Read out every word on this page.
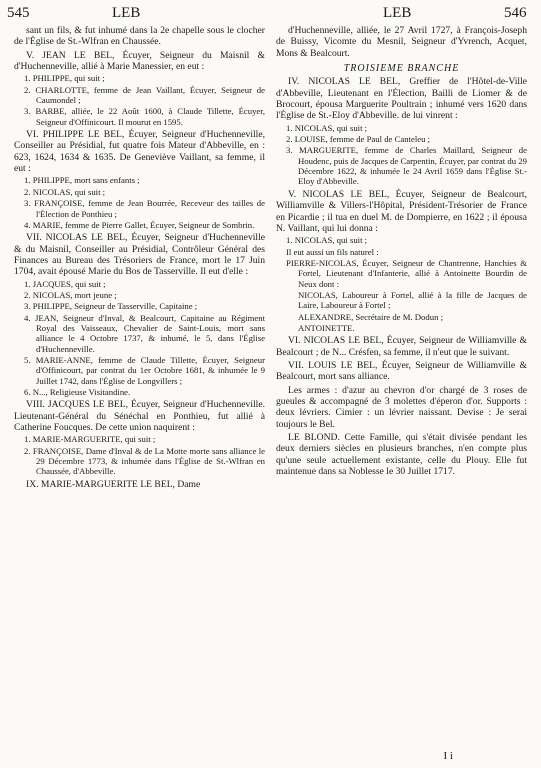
545	LEB	LEB	546
sant un fils, & fut inhumé dans la 2e chapelle sous le clocher de l'Église de St.-Wlfran en Chaussée.
V. JEAN LE BEL, Écuyer, Seigneur du Maisnil & d'Huchenneville, allié à Marie Manessier, en eut :
1. PHILIPPE, qui suit ;
2. CHARLOTTE, femme de Jean Vaillant, Écuyer, Seigneur de Caumondel ;
3. BARBE, alliée, le 22 Août 1600, à Claude Tillette, Écuyer, Seigneur d'Offinicourt. Il mourut en 1595.
VI. PHILIPPE LE BEL, Écuyer, Seigneur d'Huchenneville, Conseiller au Présidial, fut quatre fois Mateur d'Abbeville, en : 623, 1624, 1634 & 1635. De Geneviève Vaillant, sa femme, il eut :
1. PHILIPPE, mort sans enfants ;
2. NICOLAS, qui suit ;
3. FRANÇOISE, femme de Jean Bourrée, Receveur des tailles de l'Élection de Ponthieu ;
4. MARIE, femme de Pierre Gallet, Écuyer, Seigneur de Sombrin.
VII. NICOLAS LE BEL, Écuyer, Seigneur d'Huchenneville & du Maisnil, Conseiller au Présidial, Contrôleur Général des Finances au Bureau des Trésoriers de France, mort le 17 Juin 1704, avait épousé Marie du Bos de Tasserville. Il eut d'elle :
1. JACQUES, qui suit ;
2. NICOLAS, mort jeune ;
3. PHILIPPE, Seigneur de Tasserville, Capitaine ;
4. JEAN, Seigneur d'Inval, & Bealcourt, Capitaine au Régiment Royal des Vaisseaux, Chevalier de Saint-Louis, mort sans alliance le 4 Octobre 1737, & inhumé, le 5, dans l'Église d'Huchenneville.
5. MARIE-ANNE, femme de Claude Tillette, Écuyer, Seigneur d'Offinicourt, par contrat du 1er Octobre 1681, & inhumée le 9 Juillet 1742, dans l'Église de Longvillers ;
6. N..., Religieuse Visitandine.
VIII. JACQUES LE BEL, Écuyer, Seigneur d'Huchenneville. Lieutenant-Général du Sénéchal en Ponthieu, fut allié à Catherine Foucques. De cette union naquirent :
1. MARIE-MARGUERITE, qui suit ;
2. FRANÇOISE, Dame d'Inval & de La Motte morte sans alliance le 29 Décembre 1773, & inhumée dans l'Église de St.-Wlfran en Chaussée, d'Abbeville.
IX. MARIE-MARGUERITE LE BEL, Dame
d'Huchenneville, alliée, le 27 Avril 1727, à François-Joseph de Buissy, Vicomte du Mesnil, Seigneur d'Yvrench, Acquet, Mons & Bealcourt.
TROISIEME BRANCHE
IV. NICOLAS LE BEL, Greffier de l'Hôtel-de-Ville d'Abbeville, Lieutenant en l'Élection, Bailli de Liomer & de Brocourt, épousa Marguerite Poultrain ; inhumé vers 1620 dans l'Église de St.-Eloy d'Abbeville. de lui vinrent :
1. NICOLAS, qui suit ;
2. LOUISE, femme de Paul de Canteleu ;
3. MARGUERITE, femme de Charles Maillard, Seigneur de Houdenc, puis de Jacques de Carpentin, Écuyer, par contrat du 29 Décembre 1622, & inhumée le 24 Avril 1659 dans l'Église St.-Eloy d'Abbeville.
V. NICOLAS LE BEL, Écuyer, Seigneur de Bealcourt, Williamville & Villers-l'Hôpital, Président-Trésorier de France en Picardie ; il tua en duel M. de Dompierre, en 1622 ; il épousa N. Vaillant, qui lui donna :
1. NICOLAS, qui suit ;
Il eut aussi un fils naturel :
PIERRE-NICOLAS, Écuyer, Seigneur de Chantrenne, Hanchies & Fortel, Lieutenant d'Infanterie, allié à Antoinette Bourdin de Neux dont :
NICOLAS, Laboureur à Fortel, allié à la fille de Jacques de Laire, Laboureur à Fortel ;
ALEXANDRE, Secrétaire de M. Dodun ;
ANTOINETTE.
VI. NICOLAS LE BEL, Écuyer, Seigneur de Williamville & Bealcourt ; de N... Crésfen, sa femme, il n'eut que le suivant.
VII. LOUIS LE BEL, Écuyer, Seigneur de Williamville & Bealcourt, mort sans alliance.
Les armes : d'azur au chevron d'or chargé de 3 roses de gueules & accompagné de 3 molettes d'éperon d'or. Supports : deux lévriers. Cimier : un lévrier naissant. Devise : Je serai toujours le Bel.
LE BLOND. Cette Famille, qui s'était divisée pendant les deux derniers siècles en plusieurs branches, n'en compte plus qu'une seule actuellement existante, celle du Plouy. Elle fut maintenue dans sa Noblesse le 30 Juillet 1717.
I i
